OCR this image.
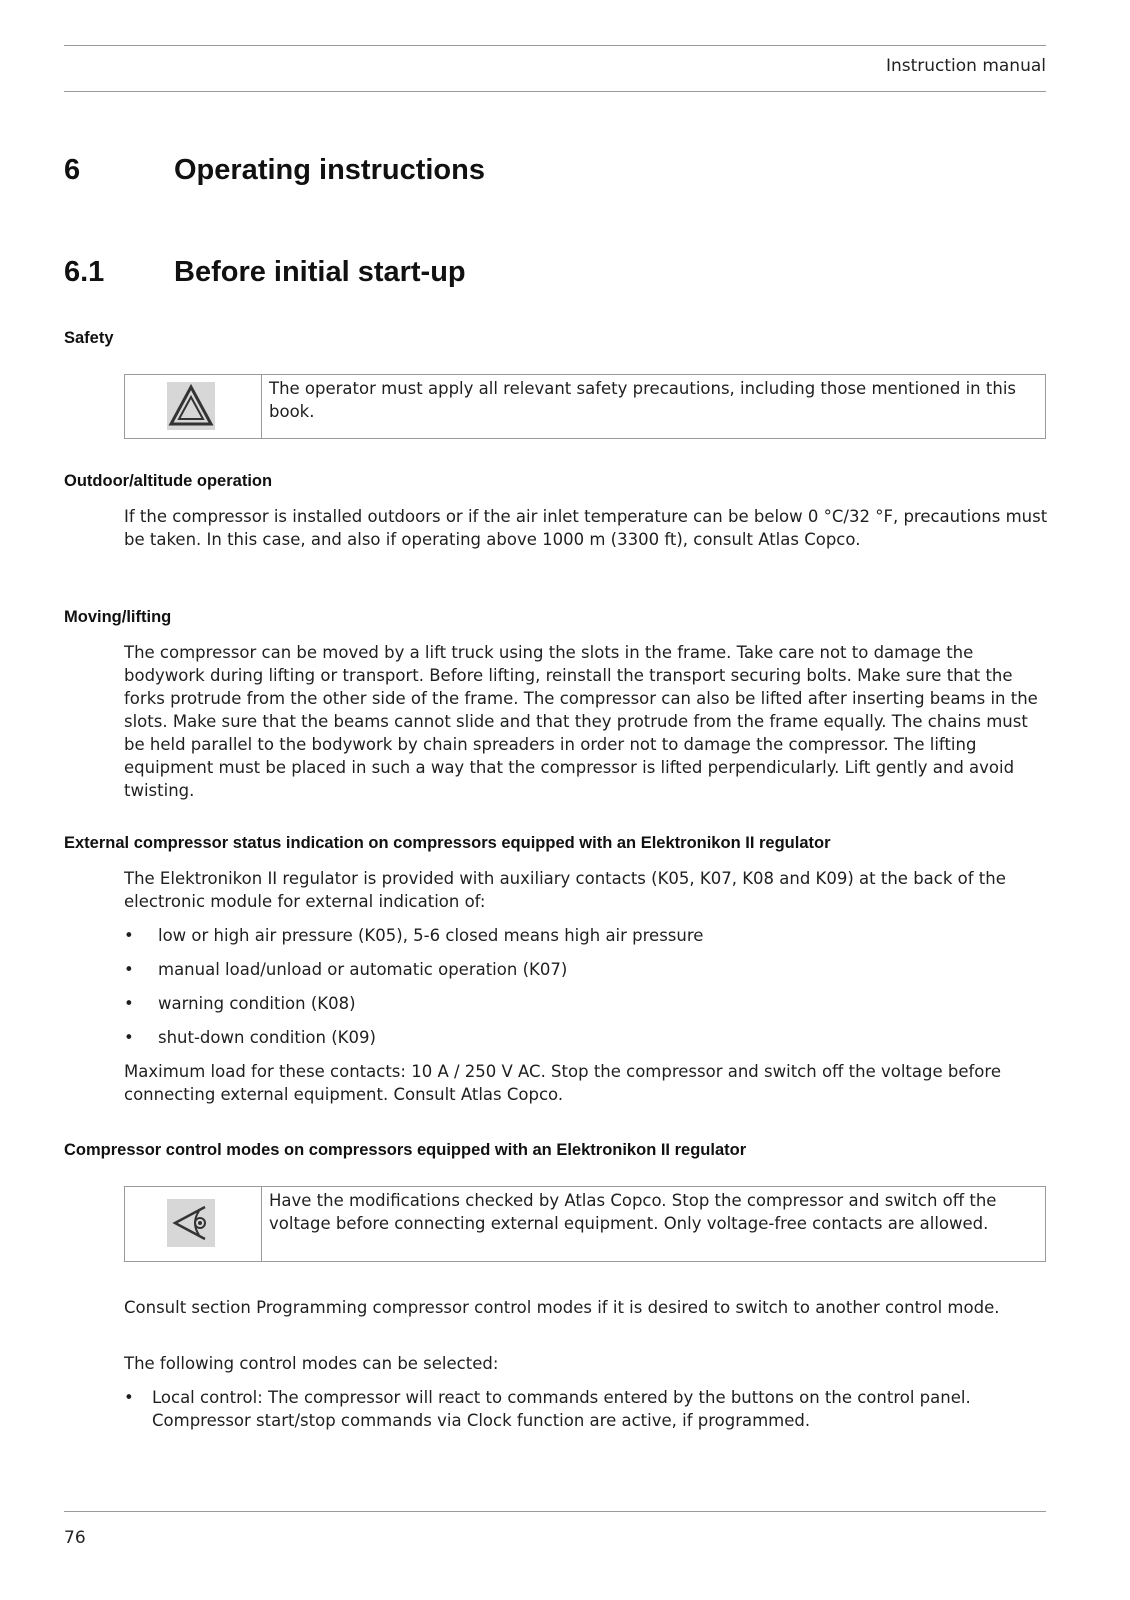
Instruction manual
6	Operating instructions
6.1 Before initial start-up
Safety
The operator must apply all relevant safety precautions, including those mentioned in this book.
Outdoor/altitude operation

If the compressor is installed outdoors or if the air inlet temperature can be below 0 °C/32 °F, precautions must be taken. In this case, and also if operating above 1000 m (3300 ft), consult Atlas Copco.

Moving/lifting

The compressor can be moved by a lift truck using the slots in the frame. Take care not to damage the bodywork during lifting or transport. Before lifting, reinstall the transport securing bolts. Make sure that the forks protrude from the other side of the frame. The compressor can also be lifted after inserting beams in the slots. Make sure that the beams cannot slide and that they protrude from the frame equally. The chains must be held parallel to the bodywork by chain spreaders in order not to damage the compressor. The lifting equipment must be placed in such a way that the compressor is lifted perpendicularly. Lift gently and avoid twisting.

External compressor status indication on compressors equipped with an Elektronikon II regulator

The Elektronikon II regulator is provided with auxiliary contacts (K05, K07, K08 and K09) at the back of the electronic module for external indication of:

• low or high air pressure (K05), 5-6 closed means high air pressure
• manual load/unload or automatic operation (K07)
• warning condition (K08)
• shut-down condition (K09)

Maximum load for these contacts: 10 A / 250 V AC. Stop the compressor and switch off the voltage before connecting external equipment. Consult Atlas Copco.

Compressor control modes on compressors equipped with an Elektronikon II regulator
Have the modifications checked by Atlas Copco. Stop the compressor and switch off the voltage before connecting external equipment. Only voltage-free contacts are allowed.

Consult section Programming compressor control modes if it is desired to switch to another control mode.

The following control modes can be selected:

• Local control: The compressor will react to commands entered by the buttons on the control panel. Compressor start/stop commands via Clock function are active, if programmed.
76
